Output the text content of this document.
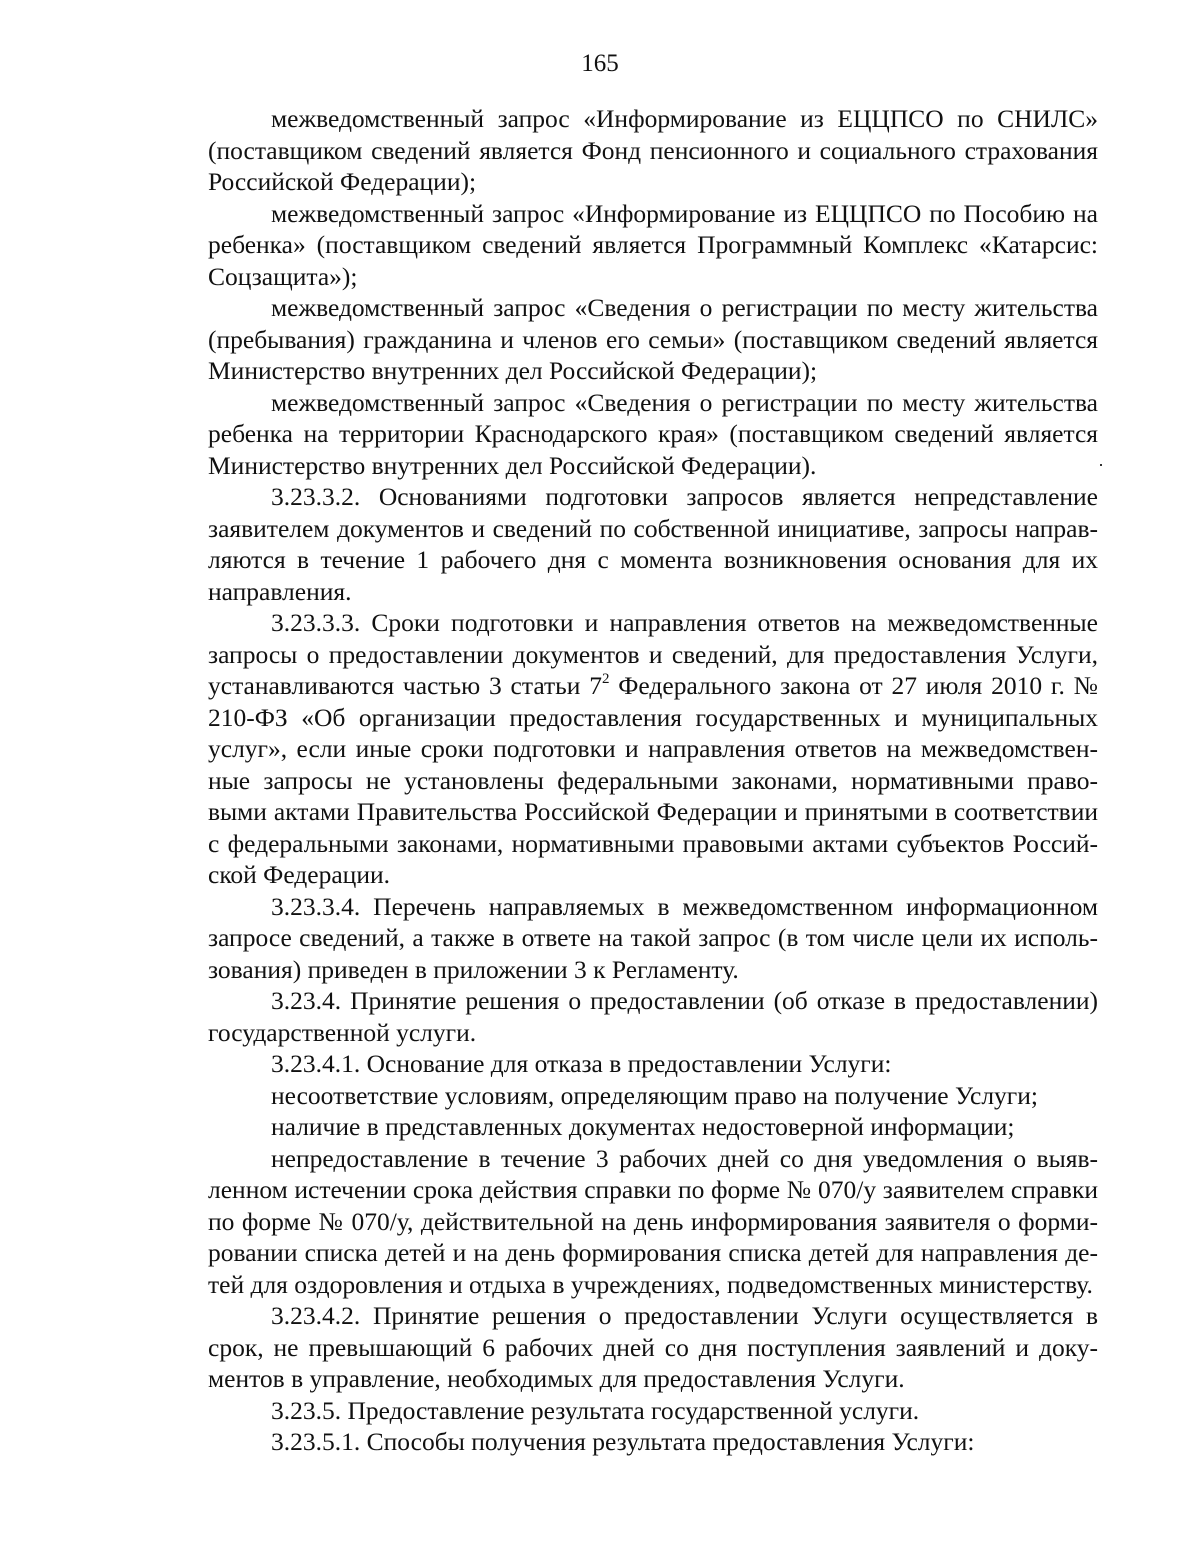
165

межведомственный запрос «Информирование из ЕЦЦПСО по СНИЛС» (поставщиком сведений является Фонд пенсионного и социального страхования Российской Федерации);

межведомственный запрос «Информирование из ЕЦЦПСО по Пособию на ребенка» (поставщиком сведений является Программный Комплекс «Катарсис: Соцзащита»);

межведомственный запрос «Сведения о регистрации по месту жительства (пребывания) гражданина и членов его семьи» (поставщиком сведений является Министерство внутренних дел Российской Федерации);

межведомственный запрос «Сведения о регистрации по месту жительства ребенка на территории Краснодарского края» (поставщиком сведений является Министерство внутренних дел Российской Федерации).

3.23.3.2. Основаниями подготовки запросов является непредставление заявителем документов и сведений по собственной инициативе, запросы направляются в течение 1 рабочего дня с момента возникновения основания для их направления.

3.23.3.3. Сроки подготовки и направления ответов на межведомственные запросы о предоставлении документов и сведений, для предоставления Услуги, устанавливаются частью 3 статьи $7^2$ Федерального закона от 27 июля 2010 г. № 210-ФЗ «Об организации предоставления государственных и муниципальных услуг», если иные сроки подготовки и направления ответов на межведомственные запросы не установлены федеральными законами, нормативными правовыми актами Правительства Российской Федерации и принятыми в соответствии с федеральными законами, нормативными правовыми актами субъектов Российской Федерации.

3.23.3.4. Перечень направляемых в межведомственном информационном запросе сведений, а также в ответе на такой запрос (в том числе цели их использования) приведен в приложении 3 к Регламенту.

3.23.4. Принятие решения о предоставлении (об отказе в предоставлении) государственной услуги.

3.23.4.1. Основание для отказа в предоставлении Услуги:

несоответствие условиям, определяющим право на получение Услуги;

наличие в представленных документах недостоверной информации;

непредоставление в течение 3 рабочих дней со дня уведомления о выявленном истечении срока действия справки по форме № 070/у заявителем справки по форме № 070/у, действительной на день информирования заявителя о формировании списка детей и на день формирования списка детей для направления детей для оздоровления и отдыха в учреждениях, подведомственных министерству.

3.23.4.2. Принятие решения о предоставлении Услуги осуществляется в срок, не превышающий 6 рабочих дней со дня поступления заявлений и документов в управление, необходимых для предоставления Услуги.

3.23.5. Предоставление результата государственной услуги.

3.23.5.1. Способы получения результата предоставления Услуги:
